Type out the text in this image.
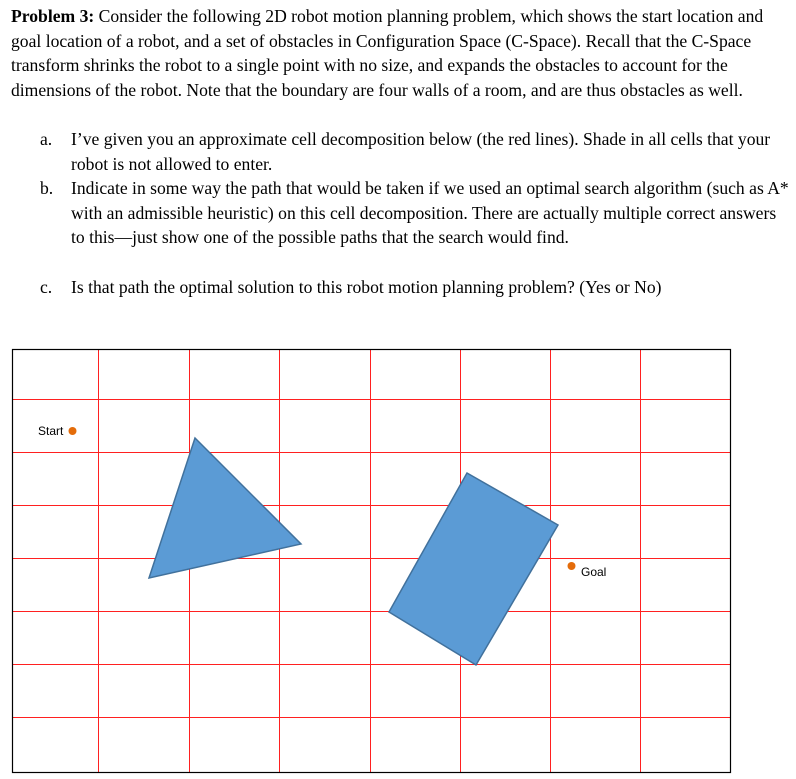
Problem 3: Consider the following 2D robot motion planning problem, which shows the start location and goal location of a robot, and a set of obstacles in Configuration Space (C-Space). Recall that the C-Space transform shrinks the robot to a single point with no size, and expands the obstacles to account for the dimensions of the robot. Note that the boundary are four walls of a room, and are thus obstacles as well.
a.	I’ve given you an approximate cell decomposition below (the red lines). Shade in all cells that your robot is not allowed to enter.
b.	Indicate in some way the path that would be taken if we used an optimal search algorithm (such as A* with an admissible heuristic) on this cell decomposition. There are actually multiple correct answers to this—just show one of the possible paths that the search would find.
c.	Is that path the optimal solution to this robot motion planning problem? (Yes or No)
Start
Goal
